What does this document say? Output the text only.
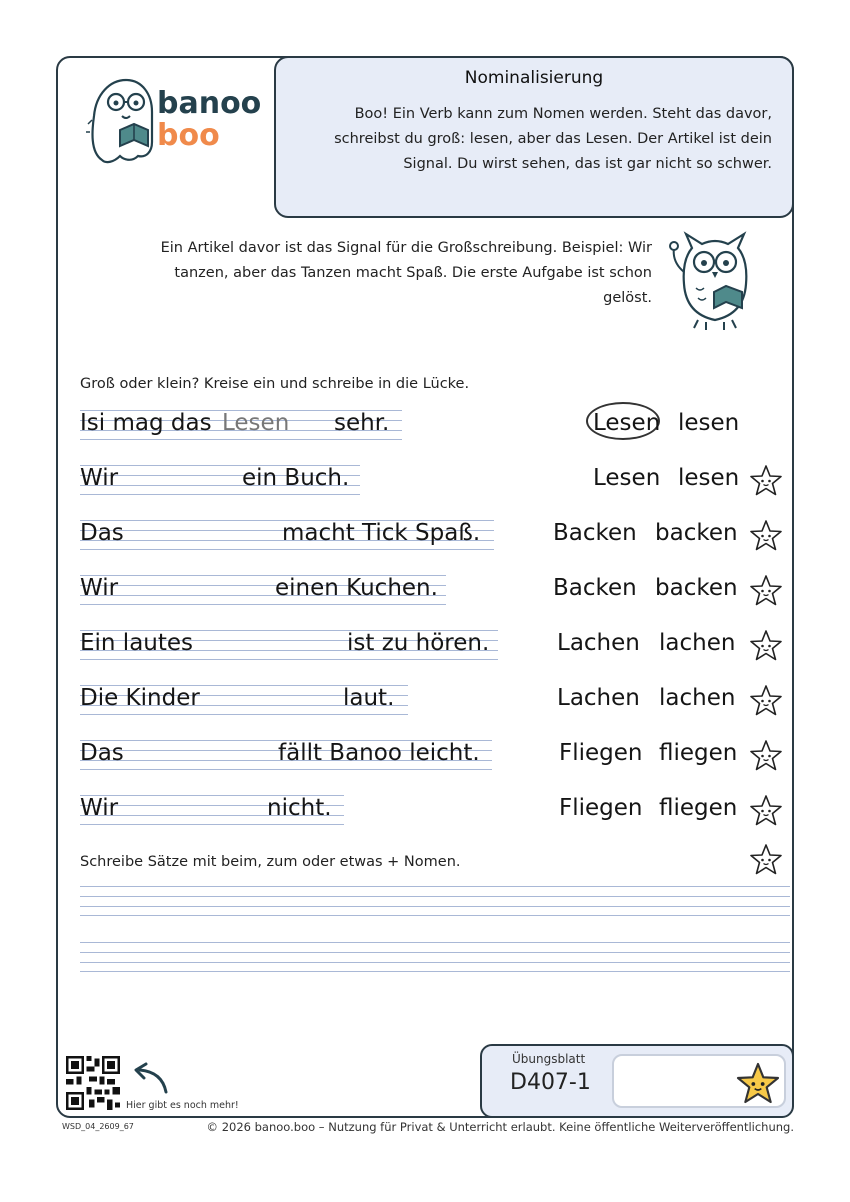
banoo
boo
Nominalisierung
Boo! Ein Verb kann zum Nomen werden. Steht das davor, schreibst du groß: lesen, aber das Lesen. Der Artikel ist dein Signal. Du wirst sehen, das ist gar nicht so schwer.
Ein Artikel davor ist das Signal für die Großschreibung. Beispiel: Wir tanzen, aber das Tanzen macht Spaß. Die erste Aufgabe ist schon gelöst.
Groß oder klein? Kreise ein und schreibe in die Lücke.
Isi mag das Lesen sehr.	Lesen lesen
Wir	ein Buch.	Lesen lesen
Das	macht Tick Spaß.	Backen backen
Wir	einen Kuchen.	Backen backen
Ein lautes	ist zu hören.	Lachen lachen
Die Kinder	laut.	Lachen lachen
Das	fällt Banoo leicht.	Fliegen fliegen
Wir	nicht.	Fliegen fliegen
Schreibe Sätze mit beim, zum oder etwas + Nomen.
Hier gibt es noch mehr!
WSD_04_2609_67	© 2026 banoo.boo – Nutzung für Privat & Unterricht erlaubt. Keine öffentliche Weiterveröffentlichung.
Übungsblatt
D407-1
